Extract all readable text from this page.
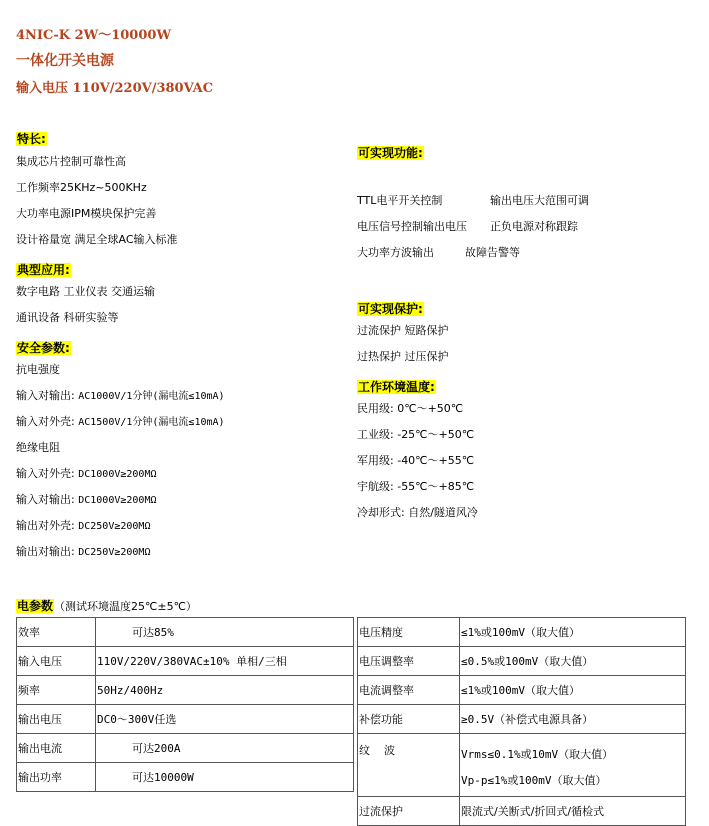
4NIC-K 2W～10000W
一体化开关电源
输入电压 110V/220V/380VAC
特长:
集成芯片控制可靠性高
工作频率25KHz~500KHz
大功率电源IPM模块保护完善
设计裕量宽 满足全球AC输入标准
典型应用:
数字电路 工业仪表 交通运输
通讯设备 科研实验等
安全参数:
抗电强度
输入对输出: AC1000V/1分钟(漏电流≤10mA)
输入对外壳: AC1500V/1分钟(漏电流≤10mA)
绝缘电阻
输入对外壳: DC1000V≥200MΩ
输入对输出: DC1000V≥200MΩ
输出对外壳: DC250V≥200MΩ
输出对输出: DC250V≥200MΩ
可实现功能:
TTL电平开关控制	输出电压大范围可调
电压信号控制输出电压 正负电源对称跟踪
大功率方波输出	故障告警等
可实现保护:
过流保护 短路保护
过热保护 过压保护
工作环境温度:
民用级: 0℃～+50℃
工业级: -25℃～+50℃
军用级: -40℃～+55℃
宇航级: -55℃～+85℃
冷却形式: 自然/隧道风冷
电参数（测试环境温度25℃±5℃）
效率	可达85%
输入电压	110V/220V/380VAC±10% 单相/三相
频率	50Hz/400Hz
输出电压	DC0～300V任选
输出电流	可达200A
输出功率	可达10000W
电压精度	≤1%或100mV（取大值）
电压调整率	≤0.5%或100mV（取大值）
电流调整率	≤1%或100mV（取大值）
补偿功能	≥0.5V（补偿式电源具备）
纹    波	Vrms≤0.1%或10mV（取大值）
Vp-p≤1%或100mV（取大值）

过流保护	限流式/关断式/折回式/循检式
